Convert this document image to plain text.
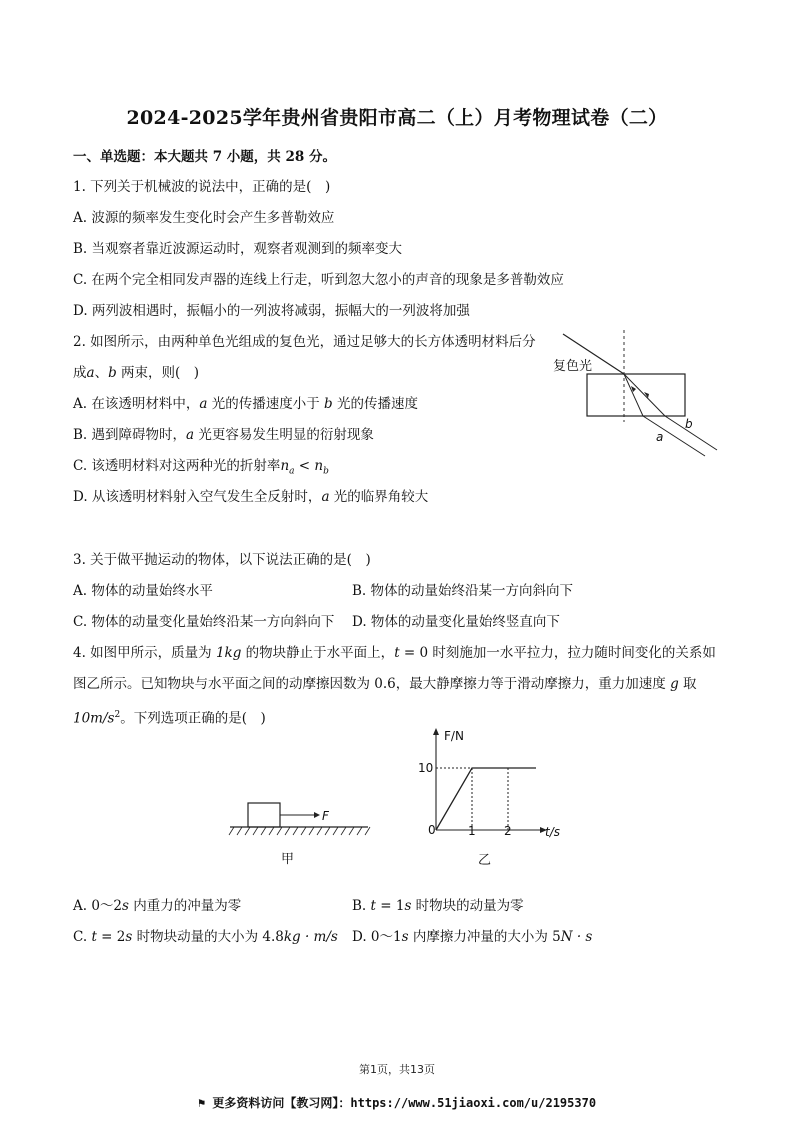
2024-2025学年贵州省贵阳市高二（上）月考物理试卷（二）
一、单选题：本大题共 7 小题，共 28 分。
1. 下列关于机械波的说法中，正确的是(　)
A. 波源的频率发生变化时会产生多普勒效应
B. 当观察者靠近波源运动时，观察者观测到的频率变大
C. 在两个完全相同发声器的连线上行走，听到忽大忽小的声音的现象是多普勒效应
D. 两列波相遇时，振幅小的一列波将减弱，振幅大的一列波将加强
2. 如图所示，由两种单色光组成的复色光，通过足够大的长方体透明材料后分
成a、b 两束，则(　)
A. 在该透明材料中，a 光的传播速度小于 b 光的传播速度
B. 遇到障碍物时，a 光更容易发生明显的衍射现象
C. 该透明材料对这两种光的折射率$n_a < n_b$
D. 从该透明材料射入空气发生全反射时，a 光的临界角较大
复色光
a
b
3. 关于做平抛运动的物体，以下说法正确的是(　)
A. 物体的动量始终水平	B. 物体的动量始终沿某一方向斜向下
C. 物体的动量变化量始终沿某一方向斜向下 D. 物体的动量变化量始终竖直向下
4. 如图甲所示，质量为 1kg 的物块静止于水平面上，t = 0 时刻施加一水平拉力，拉力随时间变化的关系如
图乙所示。已知物块与水平面之间的动摩擦因数为 0.6，最大静摩擦力等于滑动摩擦力，重力加速度 g 取
$10m/s^2$。下列选项正确的是(　)
F
甲
F/N
t/s
10
0	1 2
乙
A. 0～2s 内重力的冲量为零	B. t = 1s 时物块的动量为零
C. t = 2s 时物块动量的大小为 4.8kg · m/s D. 0～1s 内摩擦力冲量的大小为 5N · s
第1页，共13页
⚑ 更多资料访问【教习网】：https://www.51jiaoxi.com/u/2195370
